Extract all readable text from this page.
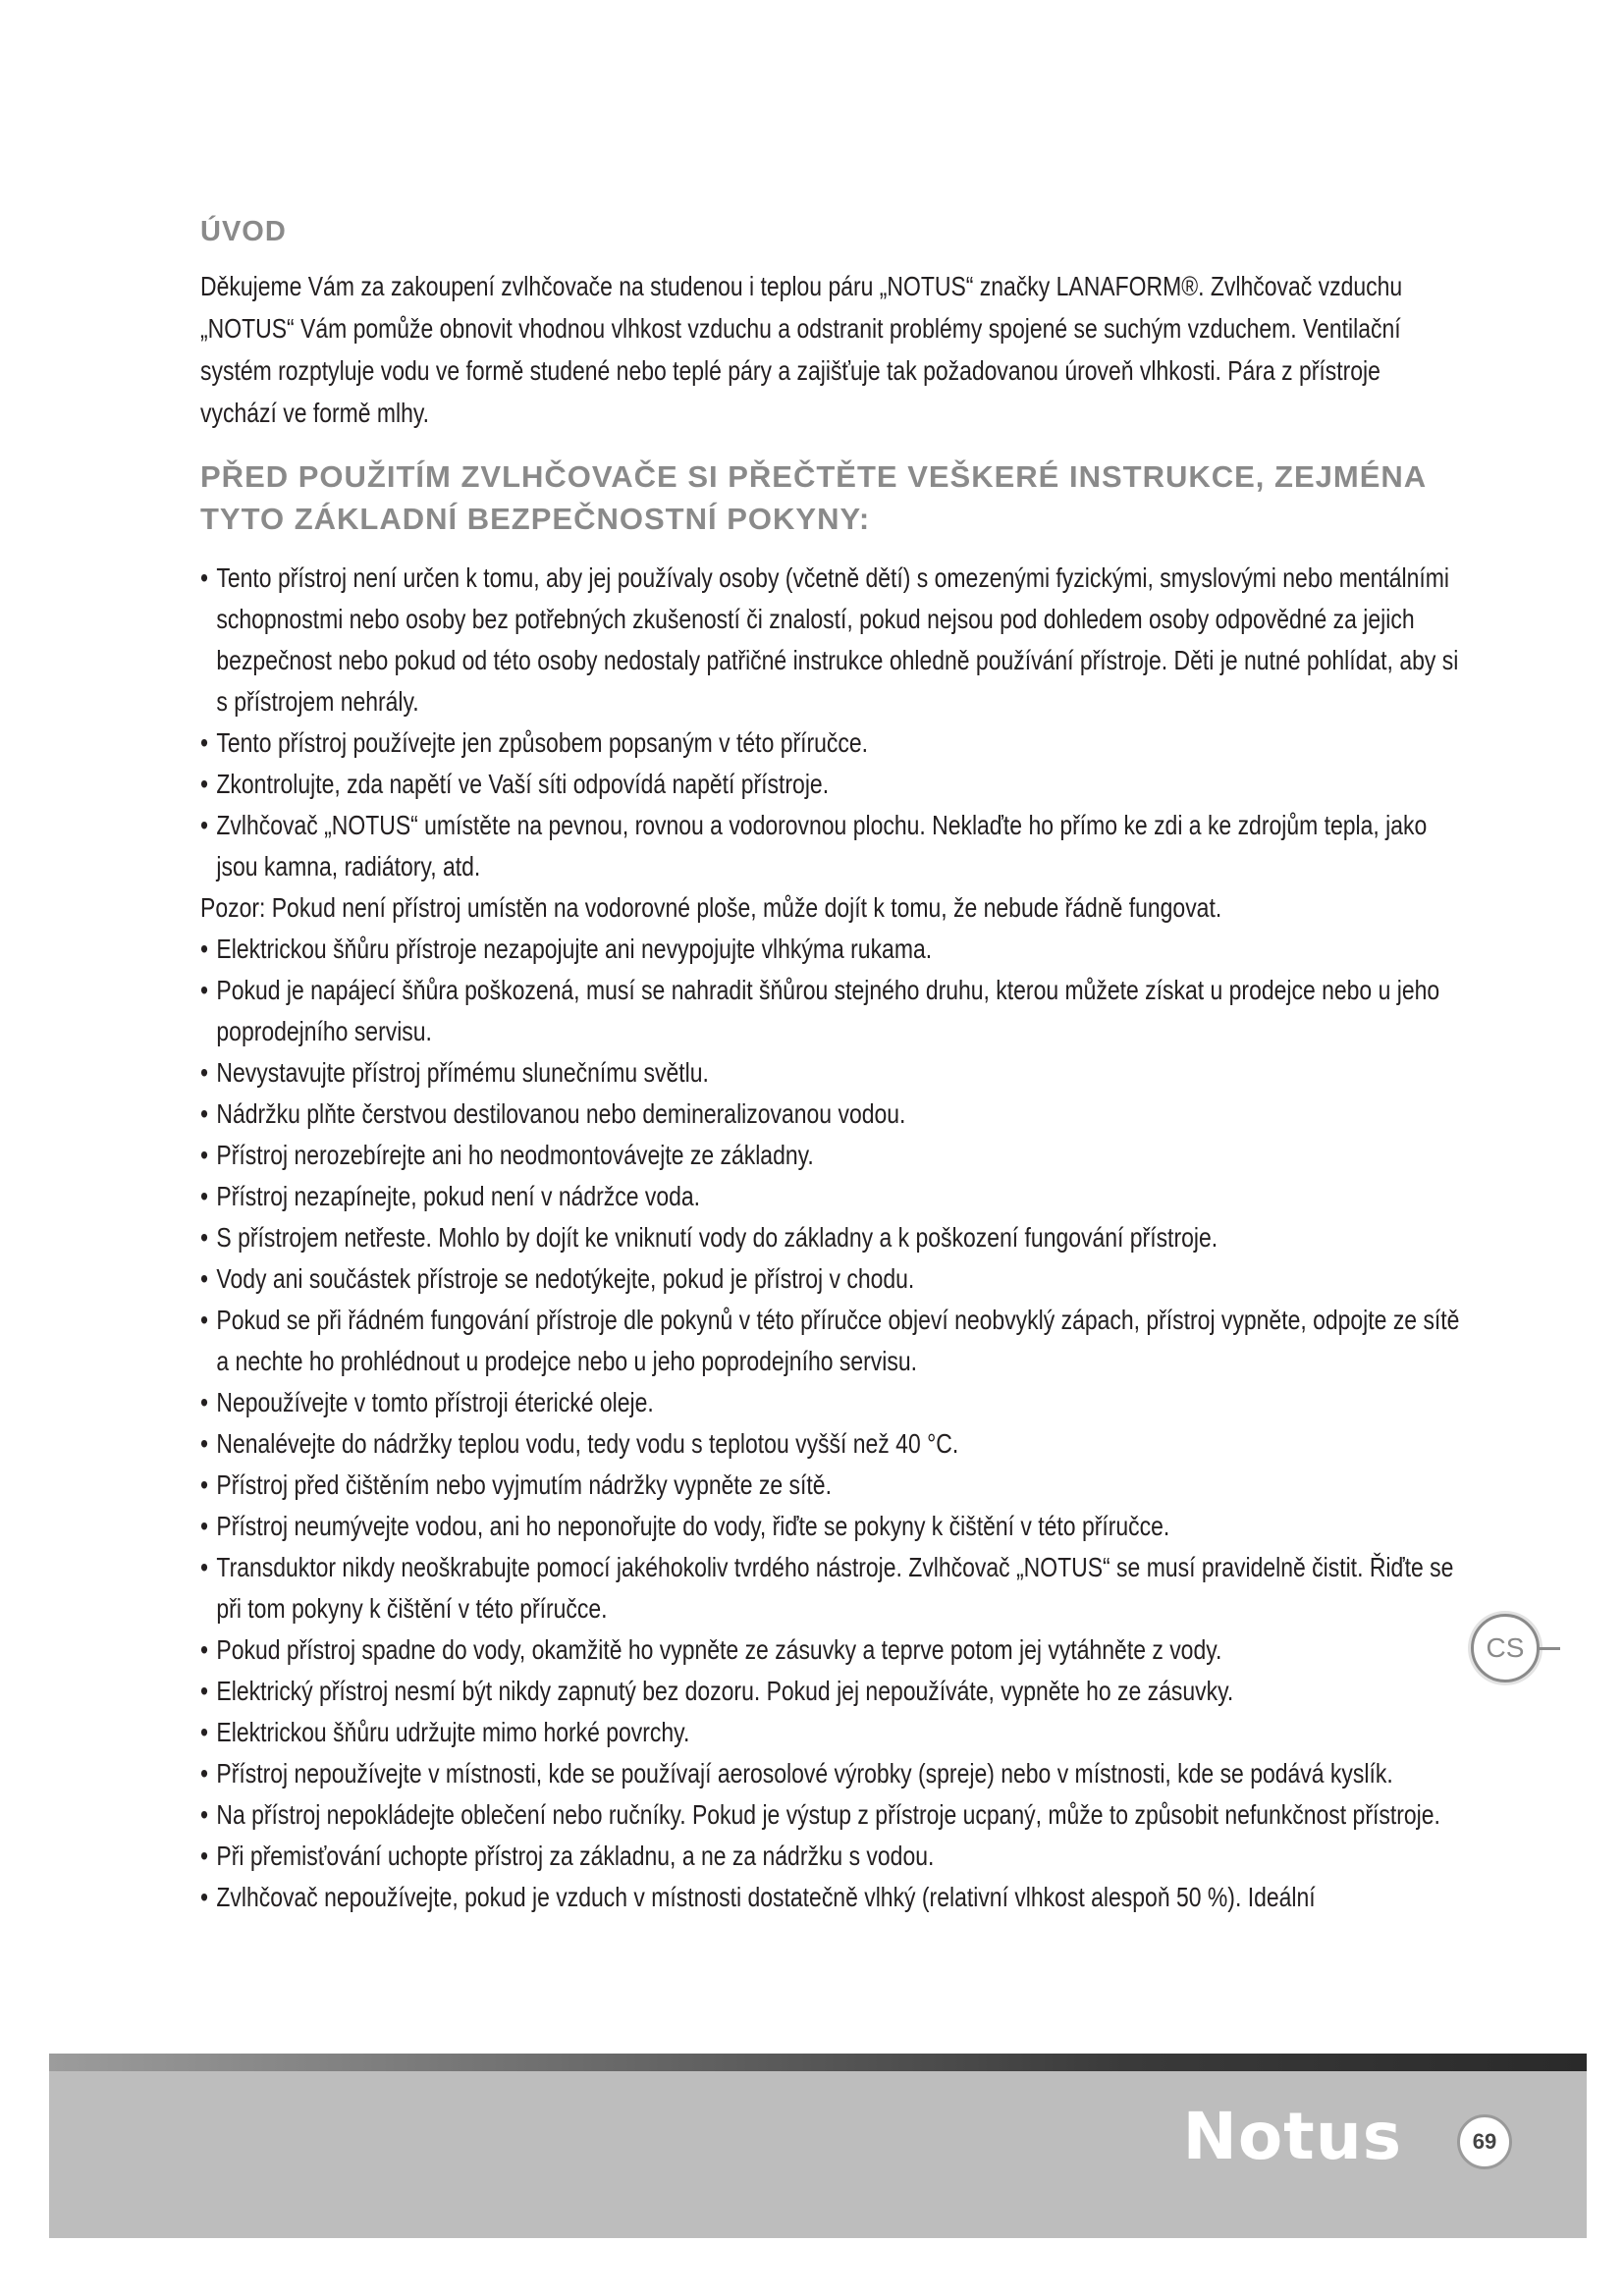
ÚVOD

Děkujeme Vám za zakoupení zvlhčovače na studenou i teplou páru „NOTUS“ značky LANAFORM®. Zvlhčovač vzduchu „NOTUS“ Vám pomůže obnovit vhodnou vlhkost vzduchu a odstranit problémy spojené se suchým vzduchem. Ventilační systém rozptyluje vodu ve formě studené nebo teplé páry a zajišťuje tak požadovanou úroveň vlhkosti. Pára z přístroje vychází ve formě mlhy.

PŘED POUŽITÍM ZVLHČOVAČE SI PŘEČTĚTE VEŠKERÉ INSTRUKCE, ZEJMÉNA TYTO ZÁKLADNÍ BEZPEČNOSTNÍ POKYNY:
• Tento přístroj není určen k tomu, aby jej používaly osoby (včetně dětí) s omezenými fyzickými, smyslovými nebo mentálními schopnostmi nebo osoby bez potřebných zkušeností či znalostí, pokud nejsou pod dohledem osoby odpovědné za jejich bezpečnost nebo pokud od této osoby nedostaly patřičné instrukce ohledně používání přístroje. Děti je nutné pohlídat, aby si s přístrojem nehrály.
• Tento přístroj používejte jen způsobem popsaným v této příručce.
• Zkontrolujte, zda napětí ve Vaší síti odpovídá napětí přístroje.
• Zvlhčovač „NOTUS“ umístěte na pevnou, rovnou a vodorovnou plochu. Neklaďte ho přímo ke zdi a ke zdrojům tepla, jako jsou kamna, radiátory, atd.
Pozor: Pokud není přístroj umístěn na vodorovné ploše, může dojít k tomu, že nebude řádně fungovat.
• Elektrickou šňůru přístroje nezapojujte ani nevypojujte vlhkýma rukama.
• Pokud je napájecí šňůra poškozená, musí se nahradit šňůrou stejného druhu, kterou můžete získat u prodejce nebo u jeho poprodejního servisu.
• Nevystavujte přístroj přímému slunečnímu světlu.
• Nádržku plňte čerstvou destilovanou nebo demineralizovanou vodou.
• Přístroj nerozebírejte ani ho neodmontovávejte ze základny.
• Přístroj nezapínejte, pokud není v nádržce voda.
• S přístrojem netřeste. Mohlo by dojít ke vniknutí vody do základny a k poškození fungování přístroje.
• Vody ani součástek přístroje se nedotýkejte, pokud je přístroj v chodu.
• Pokud se při řádném fungování přístroje dle pokynů v této příručce objeví neobvyklý zápach, přístroj vypněte, odpojte ze sítě a nechte ho prohlédnout u prodejce nebo u jeho poprodejního servisu.
• Nepoužívejte v tomto přístroji éterické oleje.
• Nenalévejte do nádržky teplou vodu, tedy vodu s teplotou vyšší než 40 °C.
• Přístroj před čištěním nebo vyjmutím nádržky vypněte ze sítě.
• Přístroj neumývejte vodou, ani ho neponořujte do vody, řiďte se pokyny k čištění v této příručce.
• Transduktor nikdy neoškrabujte pomocí jakéhokoliv tvrdého nástroje. Zvlhčovač „NOTUS“ se musí pravidelně čistit. Řiďte se při tom pokyny k čištění v této příručce.
• Pokud přístroj spadne do vody, okamžitě ho vypněte ze zásuvky a teprve potom jej vytáhněte z vody.
• Elektrický přístroj nesmí být nikdy zapnutý bez dozoru. Pokud jej nepoužíváte, vypněte ho ze zásuvky.
• Elektrickou šňůru udržujte mimo horké povrchy.
• Přístroj nepoužívejte v místnosti, kde se používají aerosolové výrobky (spreje) nebo v místnosti, kde se podává kyslík.
• Na přístroj nepokládejte oblečení nebo ručníky. Pokud je výstup z přístroje ucpaný, může to způsobit nefunkčnost přístroje.
• Při přemisťování uchopte přístroj za základnu, a ne za nádržku s vodou.
• Zvlhčovač nepoužívejte, pokud je vzduch v místnosti dostatečně vlhký (relativní vlhkost alespoň 50 %). Ideální
CS
Notus	69
